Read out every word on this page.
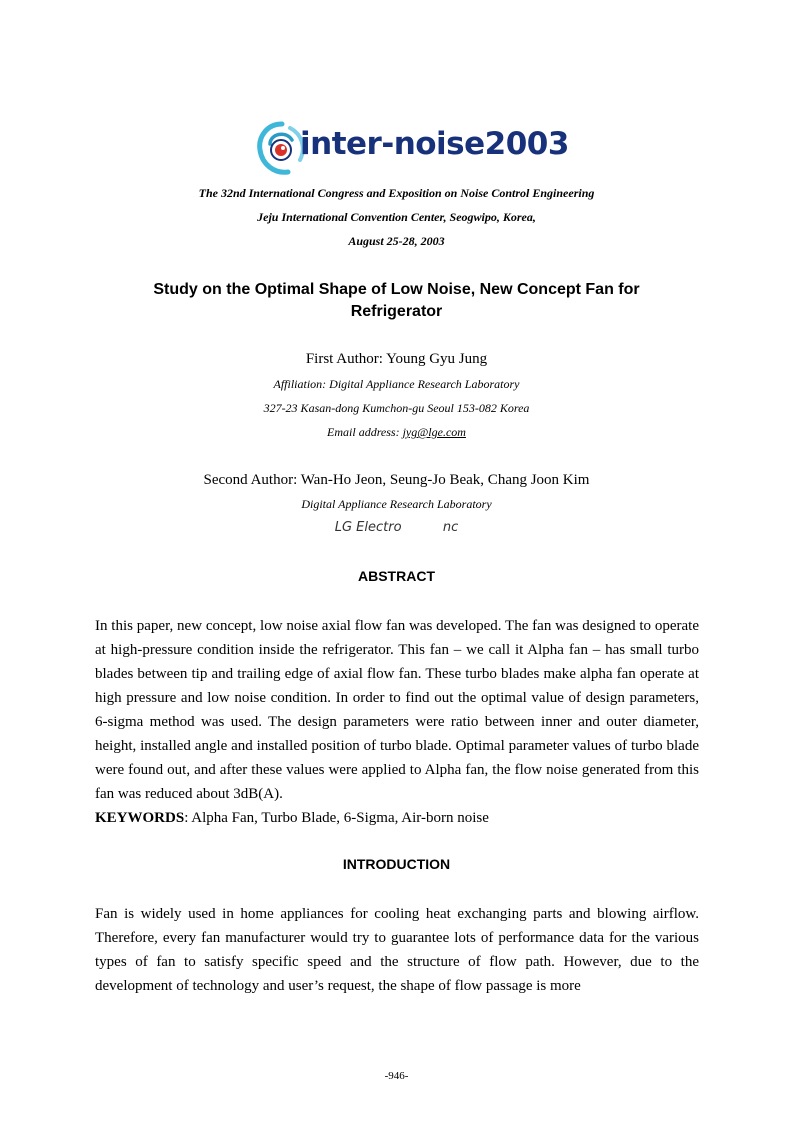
inter-noise2003
The 32nd International Congress and Exposition on Noise Control Engineering
Jeju International Convention Center, Seogwipo, Korea,
August 25-28, 2003
Study on the Optimal Shape of Low Noise, New Concept Fan for
Refrigerator
First Author: Young Gyu Jung
Affiliation: Digital Appliance Research Laboratory
327-23 Kasan-dong Kumchon-gu Seoul 153-082 Korea
Email address: jyg@lge.com
Second Author: Wan-Ho Jeon, Seung-Jo Beak, Chang Joon Kim
Digital Appliance Research Laboratory
LG Electro          nc
ABSTRACT

In this paper, new concept, low noise axial flow fan was developed. The fan was designed to operate at high-pressure condition inside the refrigerator. This fan – we call it Alpha fan – has small turbo blades between tip and trailing edge of axial flow fan. These turbo blades make alpha fan operate at high pressure and low noise condition. In order to find out the optimal value of design parameters, 6-sigma method was used. The design parameters were ratio between inner and outer diameter, height, installed angle and installed position of turbo blade. Optimal parameter values of turbo blade were found out, and after these values were applied to Alpha fan, the flow noise generated from this fan was reduced about 3dB(A).

KEYWORDS: Alpha Fan, Turbo Blade, 6-Sigma, Air-born noise

INTRODUCTION

Fan is widely used in home appliances for cooling heat exchanging parts and blowing airflow. Therefore, every fan manufacturer would try to guarantee lots of performance data for the various types of fan to satisfy specific speed and the structure of flow path. However, due to the development of technology and user’s request, the shape of flow passage is more

-946-
